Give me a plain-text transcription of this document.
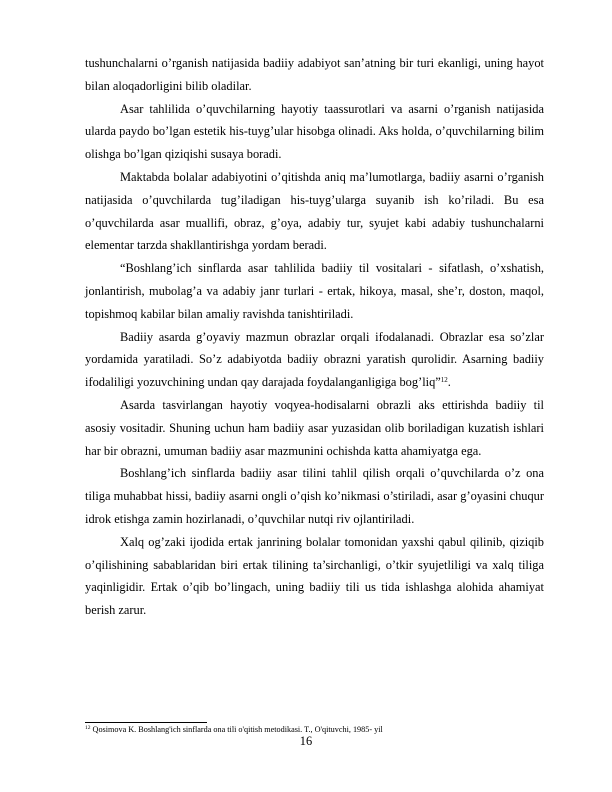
tushunchalarni o’rganish natijasida badiiy adabiyot san’atning bir turi ekanligi, uning hayot bilan aloqadorligini bilib oladilar.

Asar tahlilida o’quvchilarning hayotiy taassurotlari va asarni o’rganish natijasida ularda paydo bo’lgan estetik his-tuyg’ular hisobga olinadi. Aks holda, o’quvchilarning bilim olishga bo’lgan qiziqishi susaya boradi.

Maktabda bolalar adabiyotini o’qitishda aniq ma’lumotlarga, badiiy asarni o’rganish natijasida o’quvchilarda tug’iladigan his-tuyg’ularga suyanib ish ko’riladi. Bu esa o’quvchilarda asar muallifi, obraz, g’oya, adabiy tur, syujet kabi adabiy tushunchalarni elementar tarzda shakllantirishga yordam beradi.

“Boshlang’ich sinflarda asar tahlilida badiiy til vositalari - sifatlash, o’xshatish, jonlantirish, mubolag’a va adabiy janr turlari - ertak, hikoya, masal, she’r, doston, maqol, topishmoq kabilar bilan amaliy ravishda tanishtiriladi.

Badiiy asarda g’oyaviy mazmun obrazlar orqali ifodalanadi. Obrazlar esa so’zlar yordamida yaratiladi. So’z adabiyotda badiiy obrazni yaratish qurolidir. Asarning badiiy ifodaliligi yozuvchining undan qay darajada foydalanganligiga bog’liq”$^{12}$.

Asarda tasvirlangan hayotiy voqyea-hodisalarni obrazli aks ettirishda badiiy til asosiy vositadir. Shuning uchun ham badiiy asar yuzasidan olib boriladigan kuzatish ishlari har bir obrazni, umuman badiiy asar mazmunini ochishda katta ahamiyatga ega.

Boshlang’ich sinflarda badiiy asar tilini tahlil qilish orqali o’quvchilarda o’z ona tiliga muhabbat hissi, badiiy asarni ongli o’qish ko’nikmasi o’stiriladi, asar g’oyasini chuqur idrok etishga zamin hozirlanadi, o’quvchilar nutqi riv ojlantiriladi.

Xalq og’zaki ijodida ertak janrining bolalar tomonidan yaxshi qabul qilinib, qiziqib o’qilishining sabablaridan biri ertak tilining ta’sirchanligi, o’tkir syujetliligi va xalq tiliga yaqinligidir. Ertak o’qib bo’lingach, uning badiiy tili us tida ishlashga alohida ahamiyat berish zarur.

$^{12}$ Qosimova K. Boshlang'ich sinflarda ona tili o'qitish metodikasi. T., O'qituvchi, 1985- yil
16
